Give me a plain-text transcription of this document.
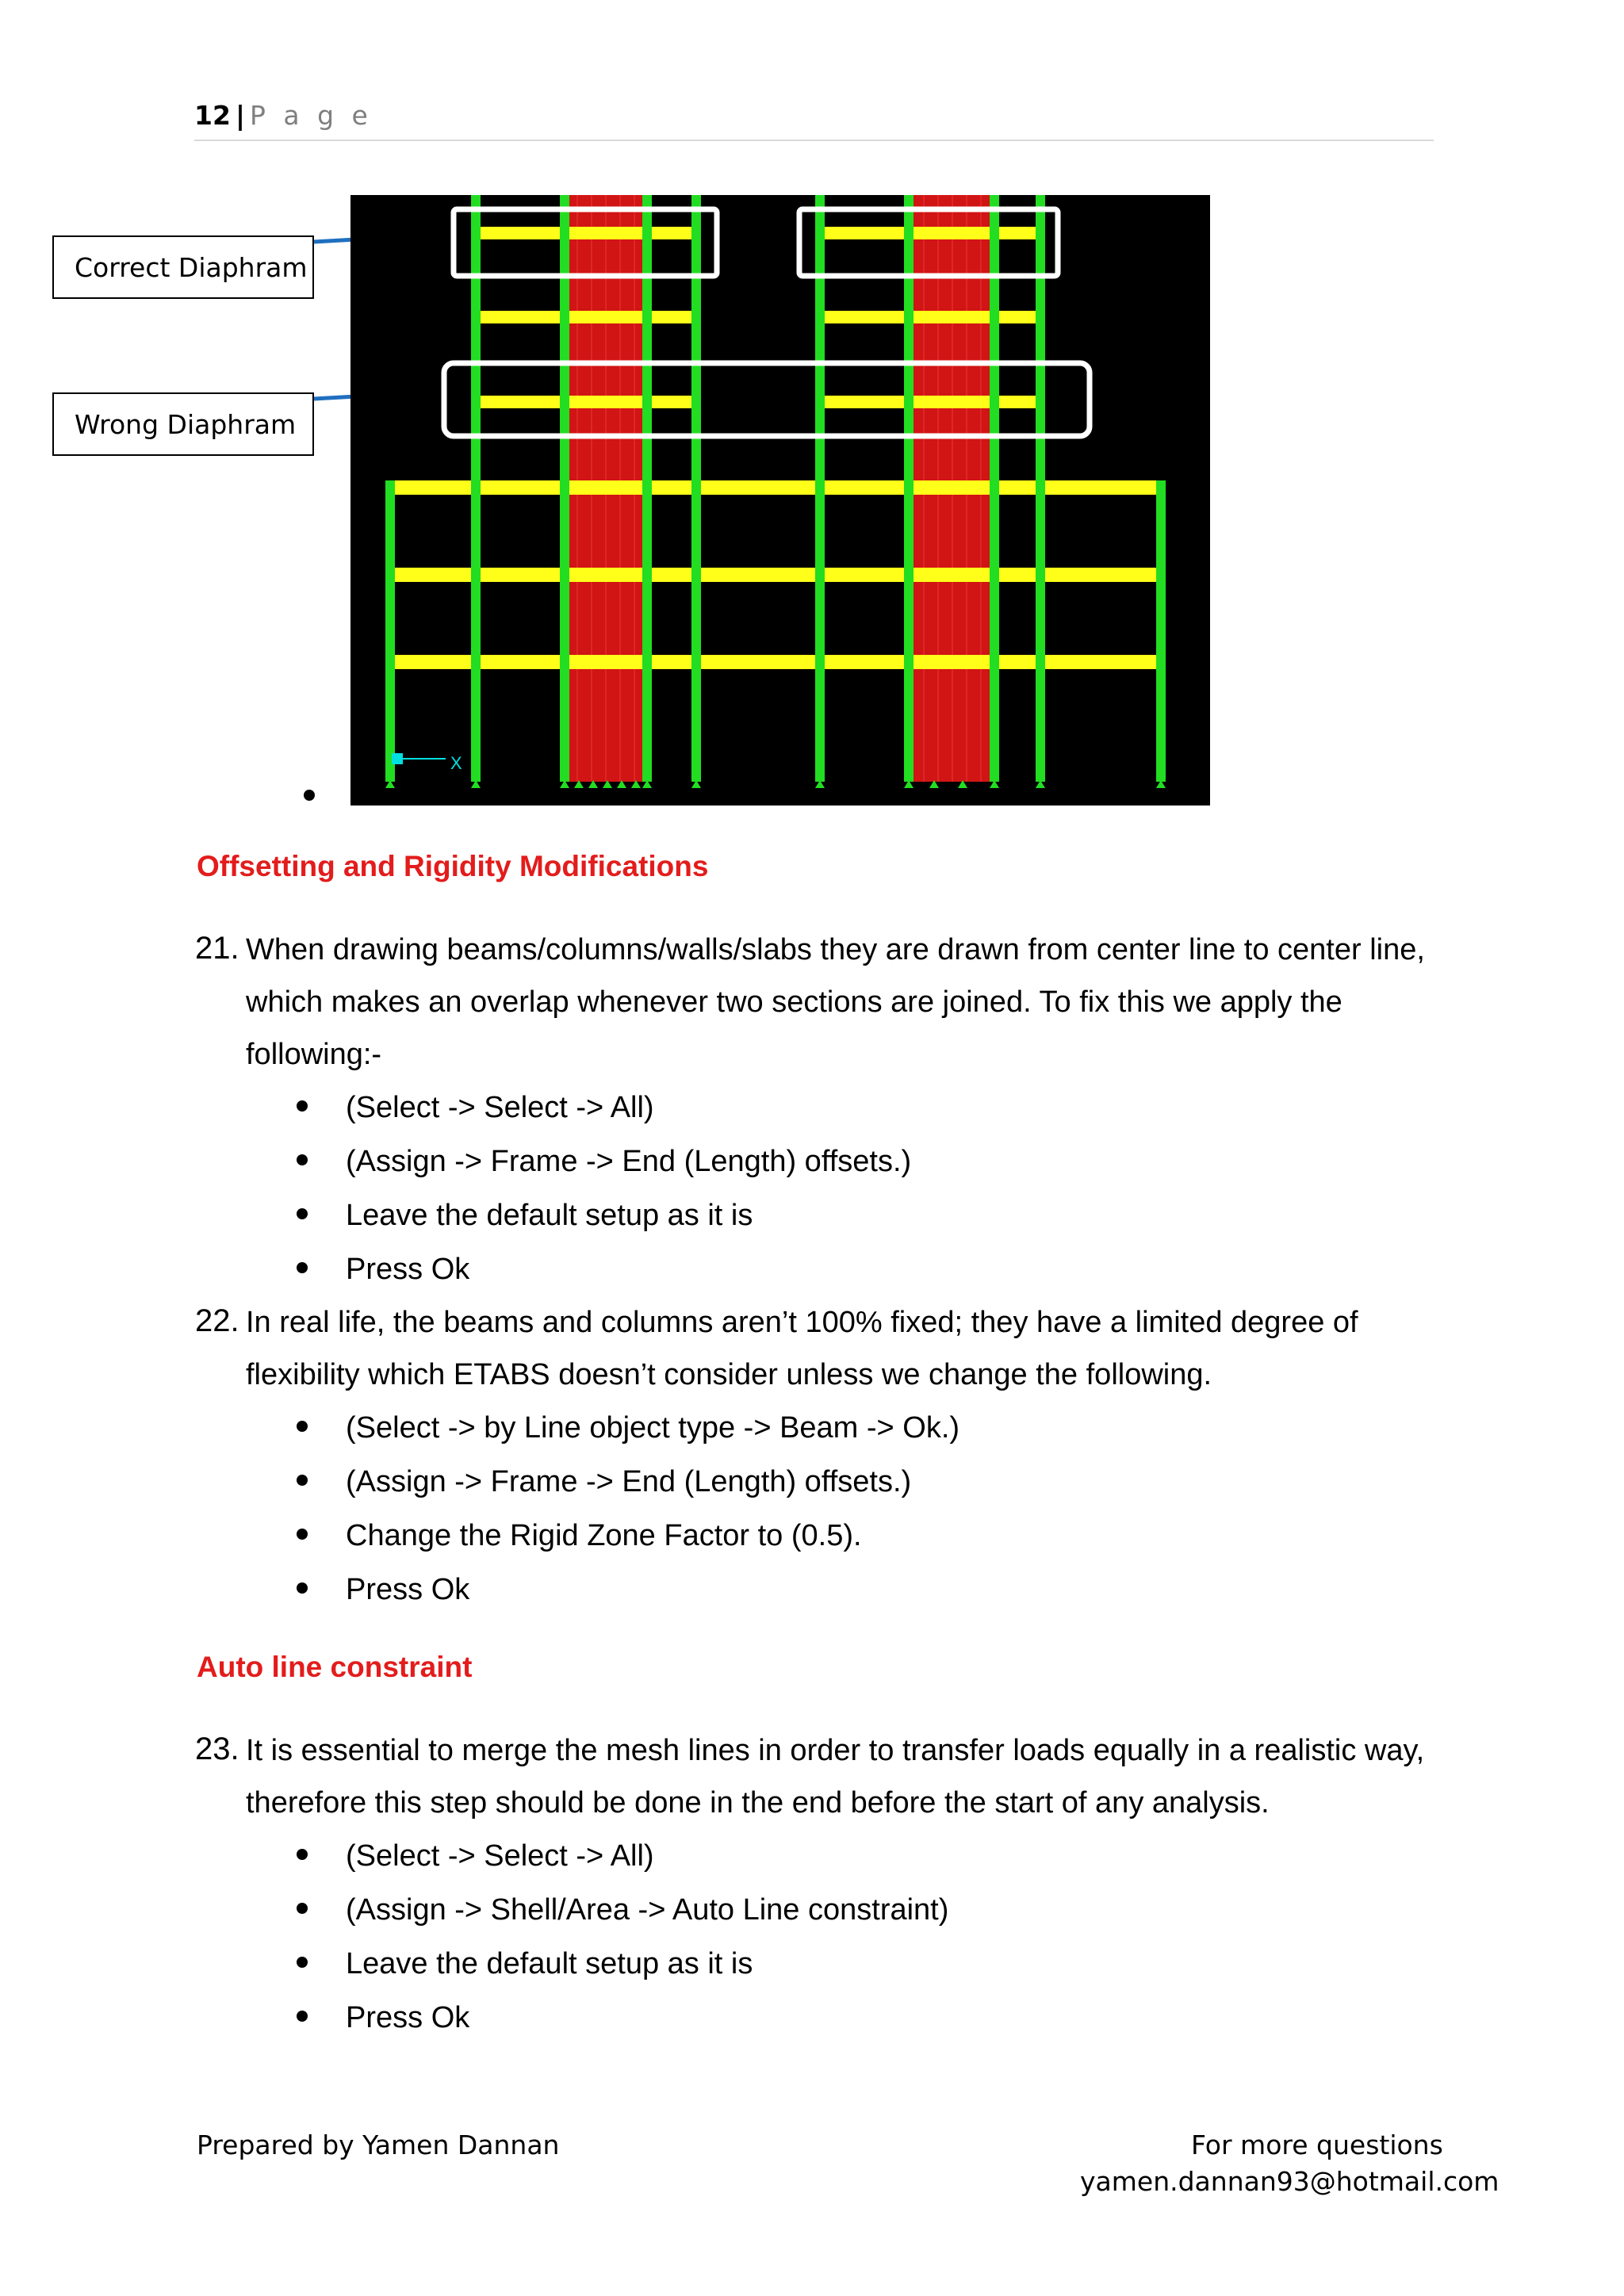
12 | P a g e
Correct Diaphram
Wrong Diaphram
X
Offsetting and Rigidity Modifications
21. When drawing beams/columns/walls/slabs they are drawn from center line to center line,
which makes an overlap whenever two sections are joined. To fix this we apply the
following:-
(Select -> Select -> All)
(Assign -> Frame -> End (Length) offsets.)
Leave the default setup as it is
Press Ok
22. In real life, the beams and columns aren’t 100% fixed; they have a limited degree of
flexibility which ETABS doesn’t consider unless we change the following.
(Select -> by Line object type -> Beam -> Ok.)
(Assign -> Frame -> End (Length) offsets.)
Change the Rigid Zone Factor to (0.5).
Press Ok
Auto line constraint
23. It is essential to merge the mesh lines in order to transfer loads equally in a realistic way,
therefore this step should be done in the end before the start of any analysis.
(Select -> Select -> All)
(Assign -> Shell/Area -> Auto Line constraint)
Leave the default setup as it is
Press Ok
Prepared by Yamen Dannan	For more questions
yamen.dannan93@hotmail.com
